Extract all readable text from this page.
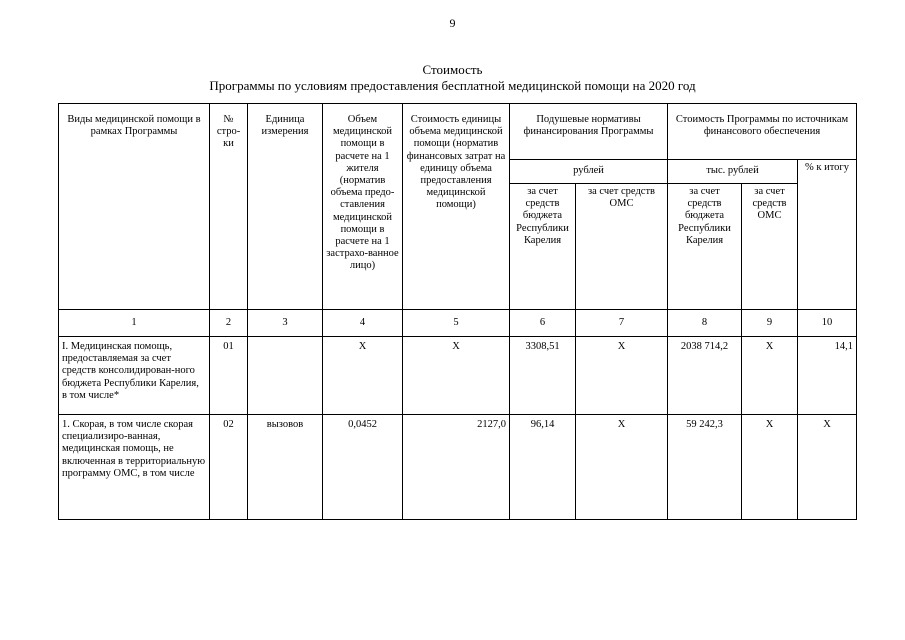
9
Стоимость
Программы по условиям предоставления бесплатной медицинской помощи на 2020 год
Виды медицинской помощи в рамках Программы	№ стро-ки	Единица измерения	Объем медицинской помощи в расчете на 1 жителя (норматив объема предо-ставления медицинской помощи в расчете на 1 застрахо-ванное лицо)	Стоимость единицы объема медицинской помощи (норматив финансовых затрат на единицу объема предоставления медицинской помощи)	Подушевые нормативы финансирования Программы		Стоимость Программы по источникам финансового обеспечения		
					рублей		тыс. рублей		% к итогу
					за счет средств бюджета Республики Карелия	за счет средств ОМС	за счет средств бюджета Республики Карелия	за счет средств ОМС	
1	2	3	4	5	6	7	8	9	10
I. Медицинская помощь, предоставляемая за счет средств консолидирован-ного бюджета Республики Карелия, в том числе*	01		X	X	3308,51	X	2038 714,2	X	14,1
1. Скорая, в том числе скорая специализиро-ванная, медицинская помощь, не включенная в территориальную программу ОМС, в том числе	02	вызовов	0,0452	2127,0	96,14	X	59 242,3	X	X
